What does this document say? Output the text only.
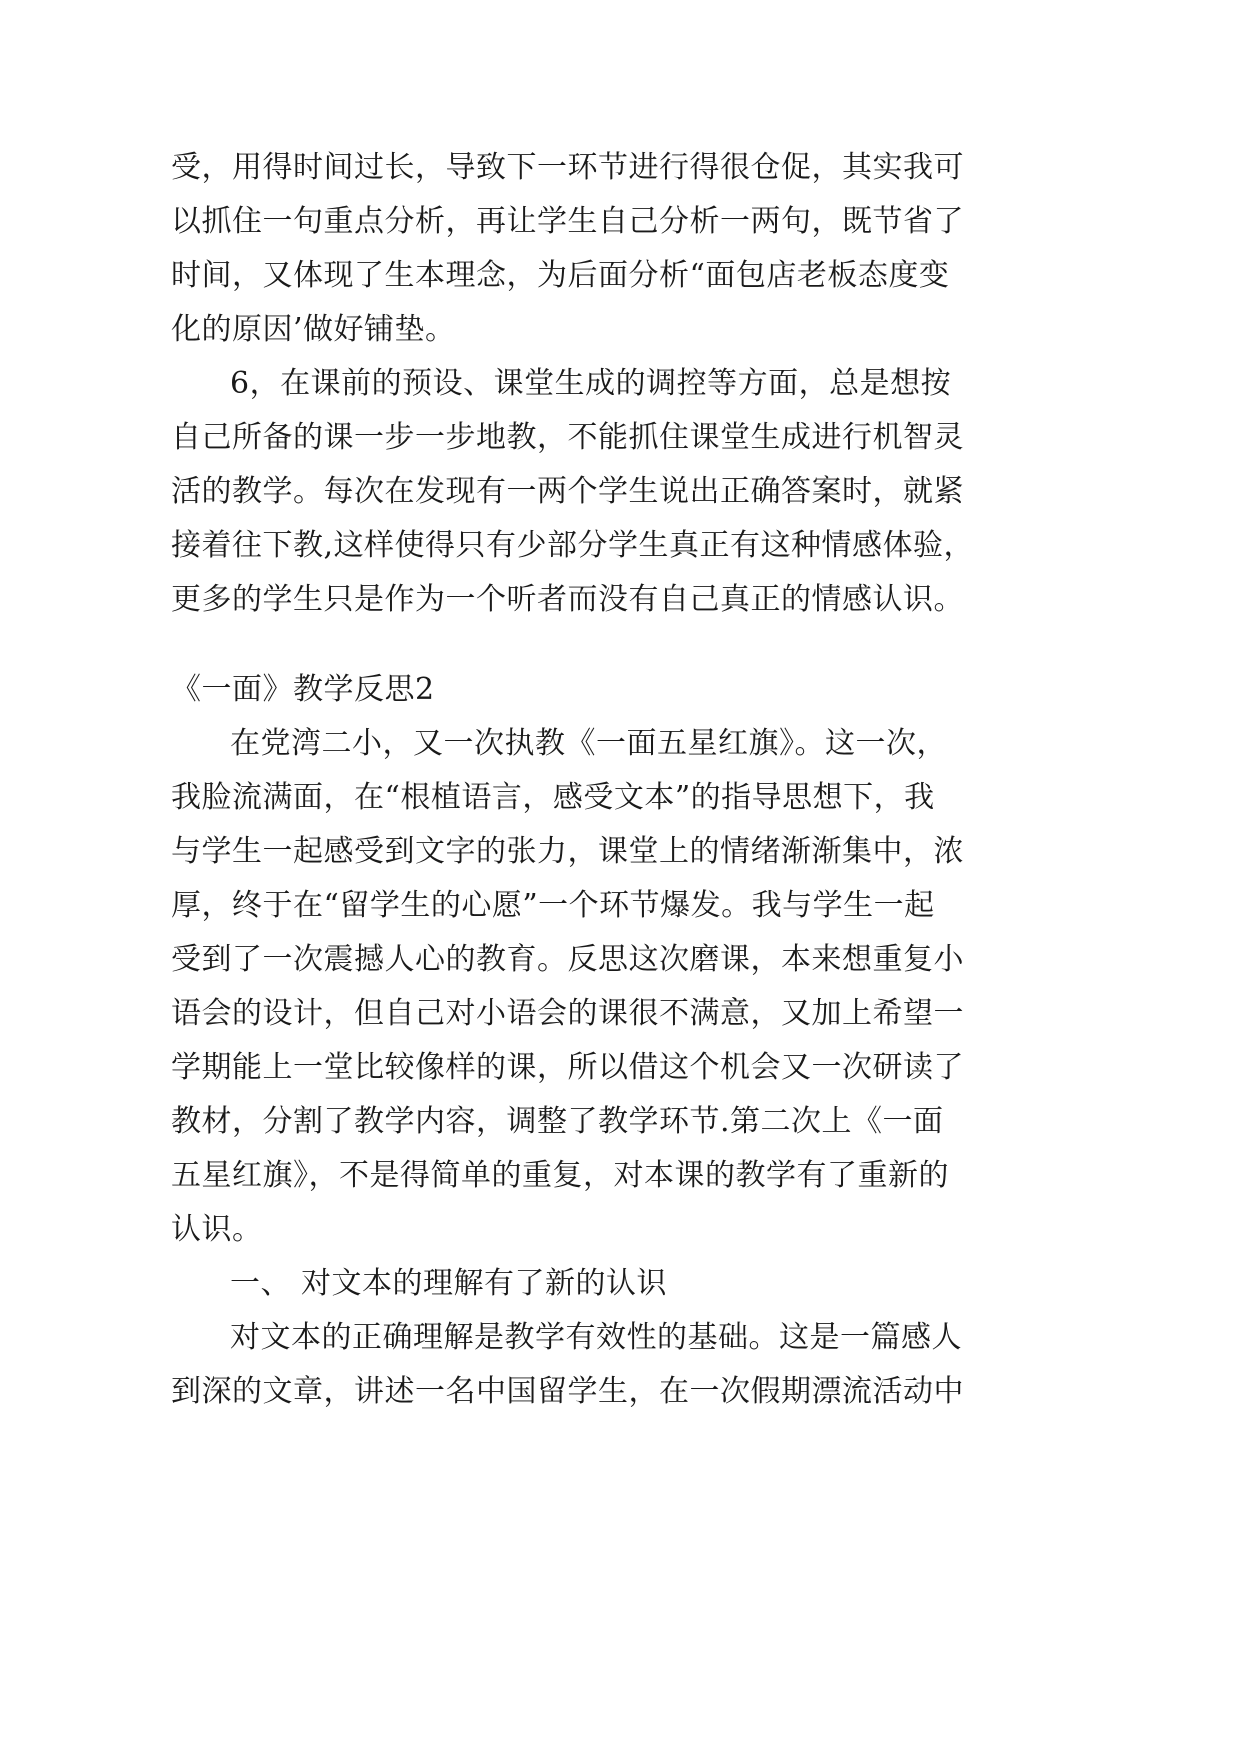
受，用得时间过长，导致下一环节进行得很仓促，其实我可
以抓住一句重点分析，再让学生自己分析一两句，既节省了
时间，又体现了生本理念，为后面分析“面包店老板态度变
化的原因’做好铺垫。
6，在课前的预设、课堂生成的调控等方面，总是想按
自己所备的课一步一步地教，不能抓住课堂生成进行机智灵
活的教学。每次在发现有一两个学生说出正确答案时，就紧
接着往下教,这样使得只有少部分学生真正有这种情感体验，
更多的学生只是作为一个听者而没有自己真正的情感认识。
《一面》教学反思2
在党湾二小，又一次执教《一面五星红旗》。这一次，
我脸流满面，在“根植语言，感受文本”的指导思想下，我
与学生一起感受到文字的张力，课堂上的情绪渐渐集中，浓
厚，终于在“留学生的心愿”一个环节爆发。我与学生一起
受到了一次震撼人心的教育。反思这次磨课，本来想重复小
语会的设计，但自己对小语会的课很不满意，又加上希望一
学期能上一堂比较像样的课，所以借这个机会又一次研读了
教材，分割了教学内容，调整了教学环节.第二次上《一面
五星红旗》，不是得简单的重复，对本课的教学有了重新的
认识。
一、 对文本的理解有了新的认识
对文本的正确理解是教学有效性的基础。这是一篇感人
到深的文章，讲述一名中国留学生，在一次假期漂流活动中
